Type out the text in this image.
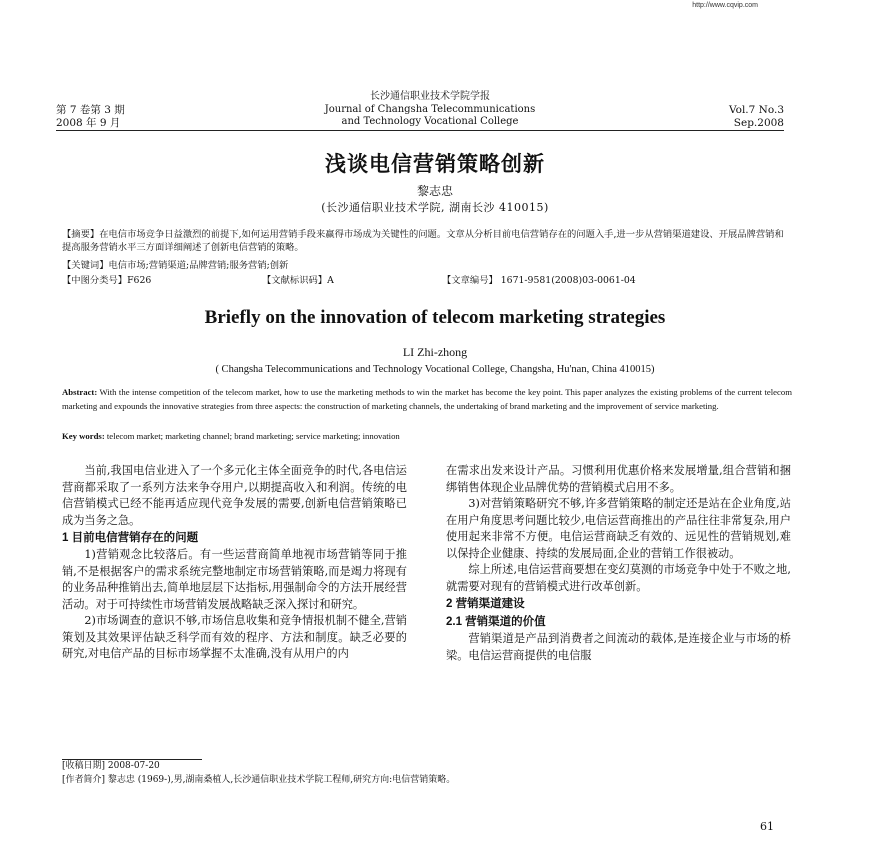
http://www.cqvip.com
第 7 卷第 3 期
2008 年 9 月
长沙通信职业技术学院学报
Journal of Changsha Telecommunications
and Technology Vocational College
Vol.7 No.3
Sep.2008
浅谈电信营销策略创新
黎志忠
(长沙通信职业技术学院, 湖南长沙 410015)
【摘要】在电信市场竞争日益激烈的前提下,如何运用营销手段来赢得市场成为关键性的问题。文章从分析目前电信营销存在的问题入手,进一步从营销渠道建设、开展品牌营销和提高服务营销水平三方面详细阐述了创新电信营销的策略。
【关键词】电信市场;营销渠道;品牌营销;服务营销;创新
【中图分类号】F626	【文献标识码】A	【文章编号】 1671-9581(2008)03-0061-04
Briefly on the innovation of telecom marketing strategies
LI Zhi-zhong
( Changsha Telecommunications and Technology Vocational College, Changsha, Hu'nan, China 410015)
Abstract: With the intense competition of the telecom market, how to use the marketing methods to win the market has become the key point. This paper analyzes the existing problems of the current telecom marketing and expounds the innovative strategies from three aspects: the construction of marketing channels, the undertaking of brand marketing and the improvement of service marketing.
Key words: telecom market; marketing channel; brand marketing; service marketing; innovation

当前,我国电信业进入了一个多元化主体全面竞争的时代,各电信运营商都采取了一系列方法来争夺用户,以期提高收入和利润。传统的电信营销模式已经不能再适应现代竞争发展的需要,创新电信营销策略已成为当务之急。

1 目前电信营销存在的问题

1)营销观念比较落后。有一些运营商简单地视市场营销等同于推销,不是根据客户的需求系统完整地制定市场营销策略,而是竭力将现有的业务品种推销出去,简单地层层下达指标,用强制命令的方法开展经营活动。对于可持续性市场营销发展战略缺乏深入探讨和研究。

2)市场调查的意识不够,市场信息收集和竞争情报机制不健全,营销策划及其效果评估缺乏科学而有效的程序、方法和制度。缺乏必要的研究,对电信产品的目标市场掌握不太准确,没有从用户的内

在需求出发来设计产品。习惯利用优惠价格来发展增量,组合营销和捆绑销售体现企业品牌优势的营销模式启用不多。

3)对营销策略研究不够,许多营销策略的制定还是站在企业角度,站在用户角度思考问题比较少,电信运营商推出的产品往往非常复杂,用户使用起来非常不方便。电信运营商缺乏有效的、远见性的营销规划,难以保持企业健康、持续的发展局面,企业的营销工作很被动。

综上所述,电信运营商要想在变幻莫测的市场竞争中处于不败之地,就需要对现有的营销模式进行改革创新。

2 营销渠道建设
2.1 营销渠道的价值

营销渠道是产品到消费者之间流动的载体,是连接企业与市场的桥梁。电信运营商提供的电信服

[收稿日期] 2008-07-20
[作者简介] 黎志忠 (1969-),男,湖南桑植人,长沙通信职业技术学院工程师,研究方向:电信营销策略。
61
